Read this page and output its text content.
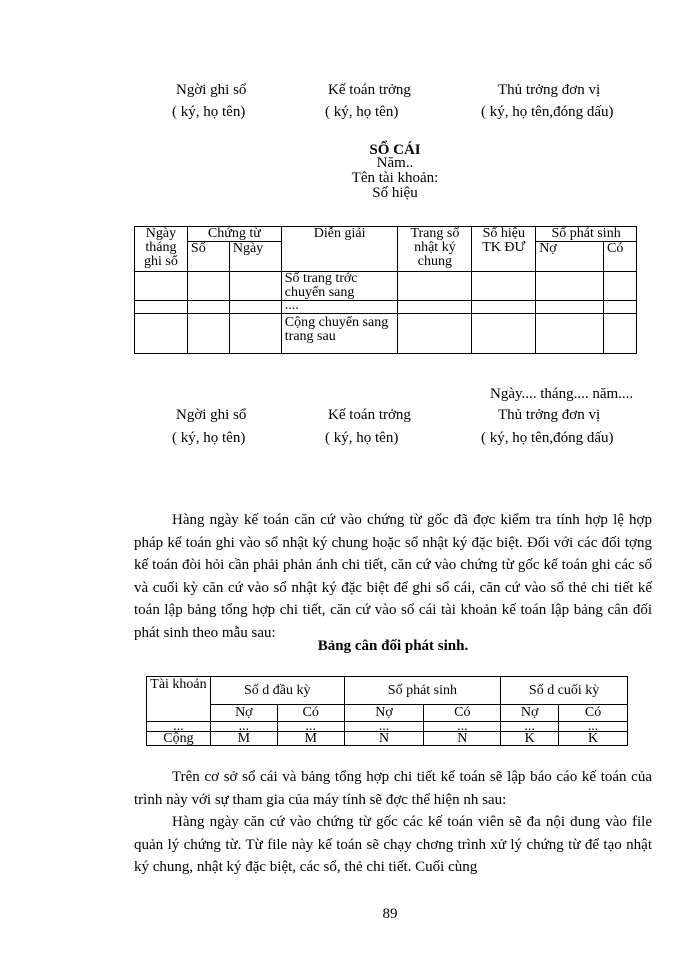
Ngời ghi sổ	Kế toán trởng	Thủ trởng đơn vị
( ký, họ tên)	( ký, họ tên)	( ký, họ tên,đóng dấu)
SỔ CÁI
Năm..
Tên tài khoản:
Số hiệu
Ngày tháng ghi sổ	Chứng từ		Diễn giải	Trang sổ nhật ký chung	Số hiệu TK ĐƯ	Số phát sinh	
	Số	Ngày				Nợ	Có
			Số trang trớc chuyển sang				
			....				
			Cộng chuyển sang trang sau				
Ngày.... tháng.... năm....
Ngời ghi sổ	Kế toán trởng	Thủ trởng đơn vị
( ký, họ tên)	( ký, họ tên)	( ký, họ tên,đóng dấu)

Hàng ngày kế toán căn cứ vào chứng từ gốc đã đợc kiểm tra tính hợp lệ hợp pháp kế toán ghi vào sổ nhật ký chung hoặc sổ nhật ký đặc biệt. Đối với các đối tợng kế toán đòi hỏi cần phải phản ánh chi tiết, căn cứ vào chứng từ gốc kế toán ghi các sổ và cuối kỳ căn cứ vào sổ nhật ký đặc biệt để ghi sổ cái, căn cứ vào sổ thẻ chi tiết kế toán lập bảng tổng hợp chi tiết, căn cứ vào sổ cái tài khoản kế toán lập bảng cân đối phát sinh theo mẫu sau:

Bảng cân đối phát sinh.
Tài khoản	Số d đầu kỳ		Số phát sinh		Số d cuối kỳ	
	Nợ	Có	Nợ	Có	Nợ	Có
...	...	...	...	...	...	...
Cộng	M	M	N	N	K	K

Trên cơ sở sổ cái và bảng tổng hợp chi tiết kế toán sẽ lập báo cáo kế toán của trình này với sự tham gia của máy tính sẽ đợc thể hiện nh sau:

Hàng ngày căn cứ vào chứng từ gốc các kế toán viên sẽ đa nội dung vào file quản lý chứng từ. Từ file này kế toán sẽ chạy chơng trình xử lý chứng từ để tạo nhật ký chung, nhật ký đặc biệt, các sổ, thẻ chi tiết. Cuối cùng

89
